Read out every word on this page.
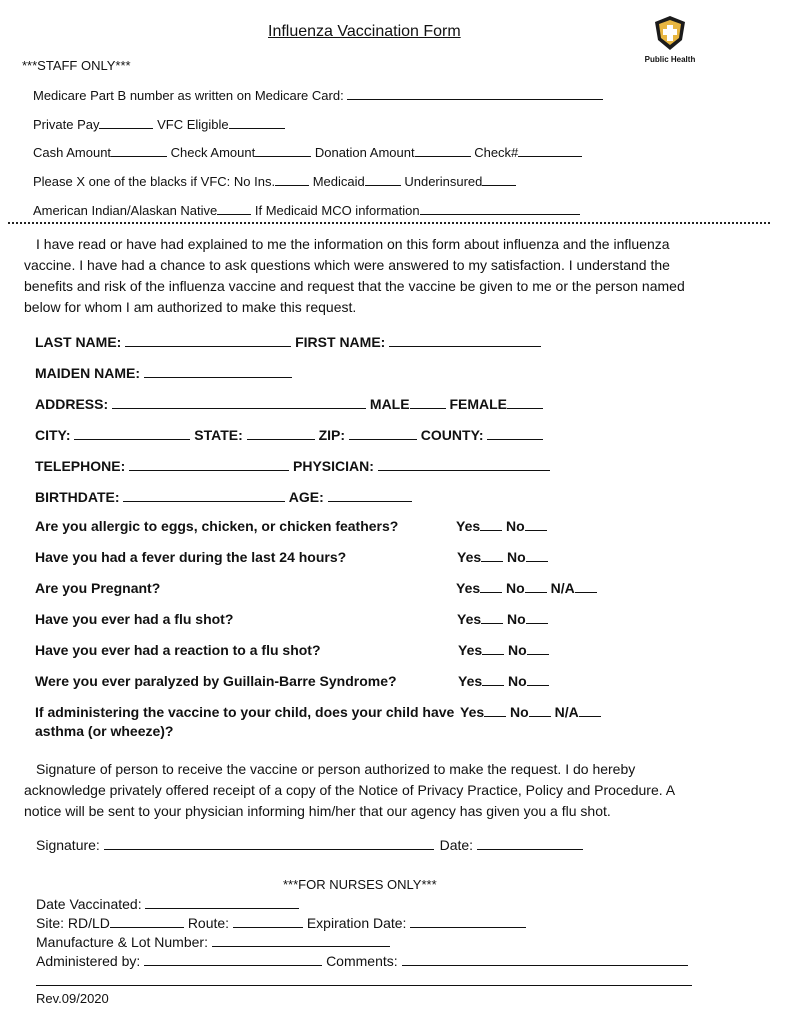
Influenza Vaccination Form
Public Health
***STAFF ONLY***
Medicare Part B number as written on Medicare Card:
Private Pay	VFC Eligible
Cash Amount	Check Amount	Donation Amount	Check#
Please X one of the blacks if VFC: No Ins.	Medicaid	Underinsured
American Indian/Alaskan Native	If Medicaid MCO information
I have read or have had explained to me the information on this form about influenza and the influenza vaccine. I have had a chance to ask questions which were answered to my satisfaction. I understand the benefits and risk of the influenza vaccine and request that the vaccine be given to me or the person named below for whom I am authorized to make this request.
LAST NAME:	FIRST NAME:
MAIDEN NAME:
ADDRESS:	MALE	FEMALE
CITY:	STATE:	ZIP:	COUNTY:
TELEPHONE:	PHYSICIAN:
BIRTHDATE:	AGE:
Are you allergic to eggs, chicken, or chicken feathers?	Yes No
Have you had a fever during the last 24 hours?	Yes No
Are you Pregnant?	Yes No N/A
Have you ever had a flu shot?	Yes No
Have you ever had a reaction to a flu shot?	Yes No
Were you ever paralyzed by Guillain-Barre Syndrome?	Yes No
If administering the vaccine to your child, does your child have
asthma (or wheeze)?
Yes No N/A
Signature of person to receive the vaccine or person authorized to make the request. I do hereby acknowledge privately offered receipt of a copy of the Notice of Privacy Practice, Policy and Procedure. A notice will be sent to your physician informing him/her that our agency has given you a flu shot.
Signature:	Date:
***FOR NURSES ONLY***
Date Vaccinated:
Site: RD/LD	Route:	Expiration Date:
Manufacture & Lot Number:
Administered by:	Comments:
Rev.09/2020
